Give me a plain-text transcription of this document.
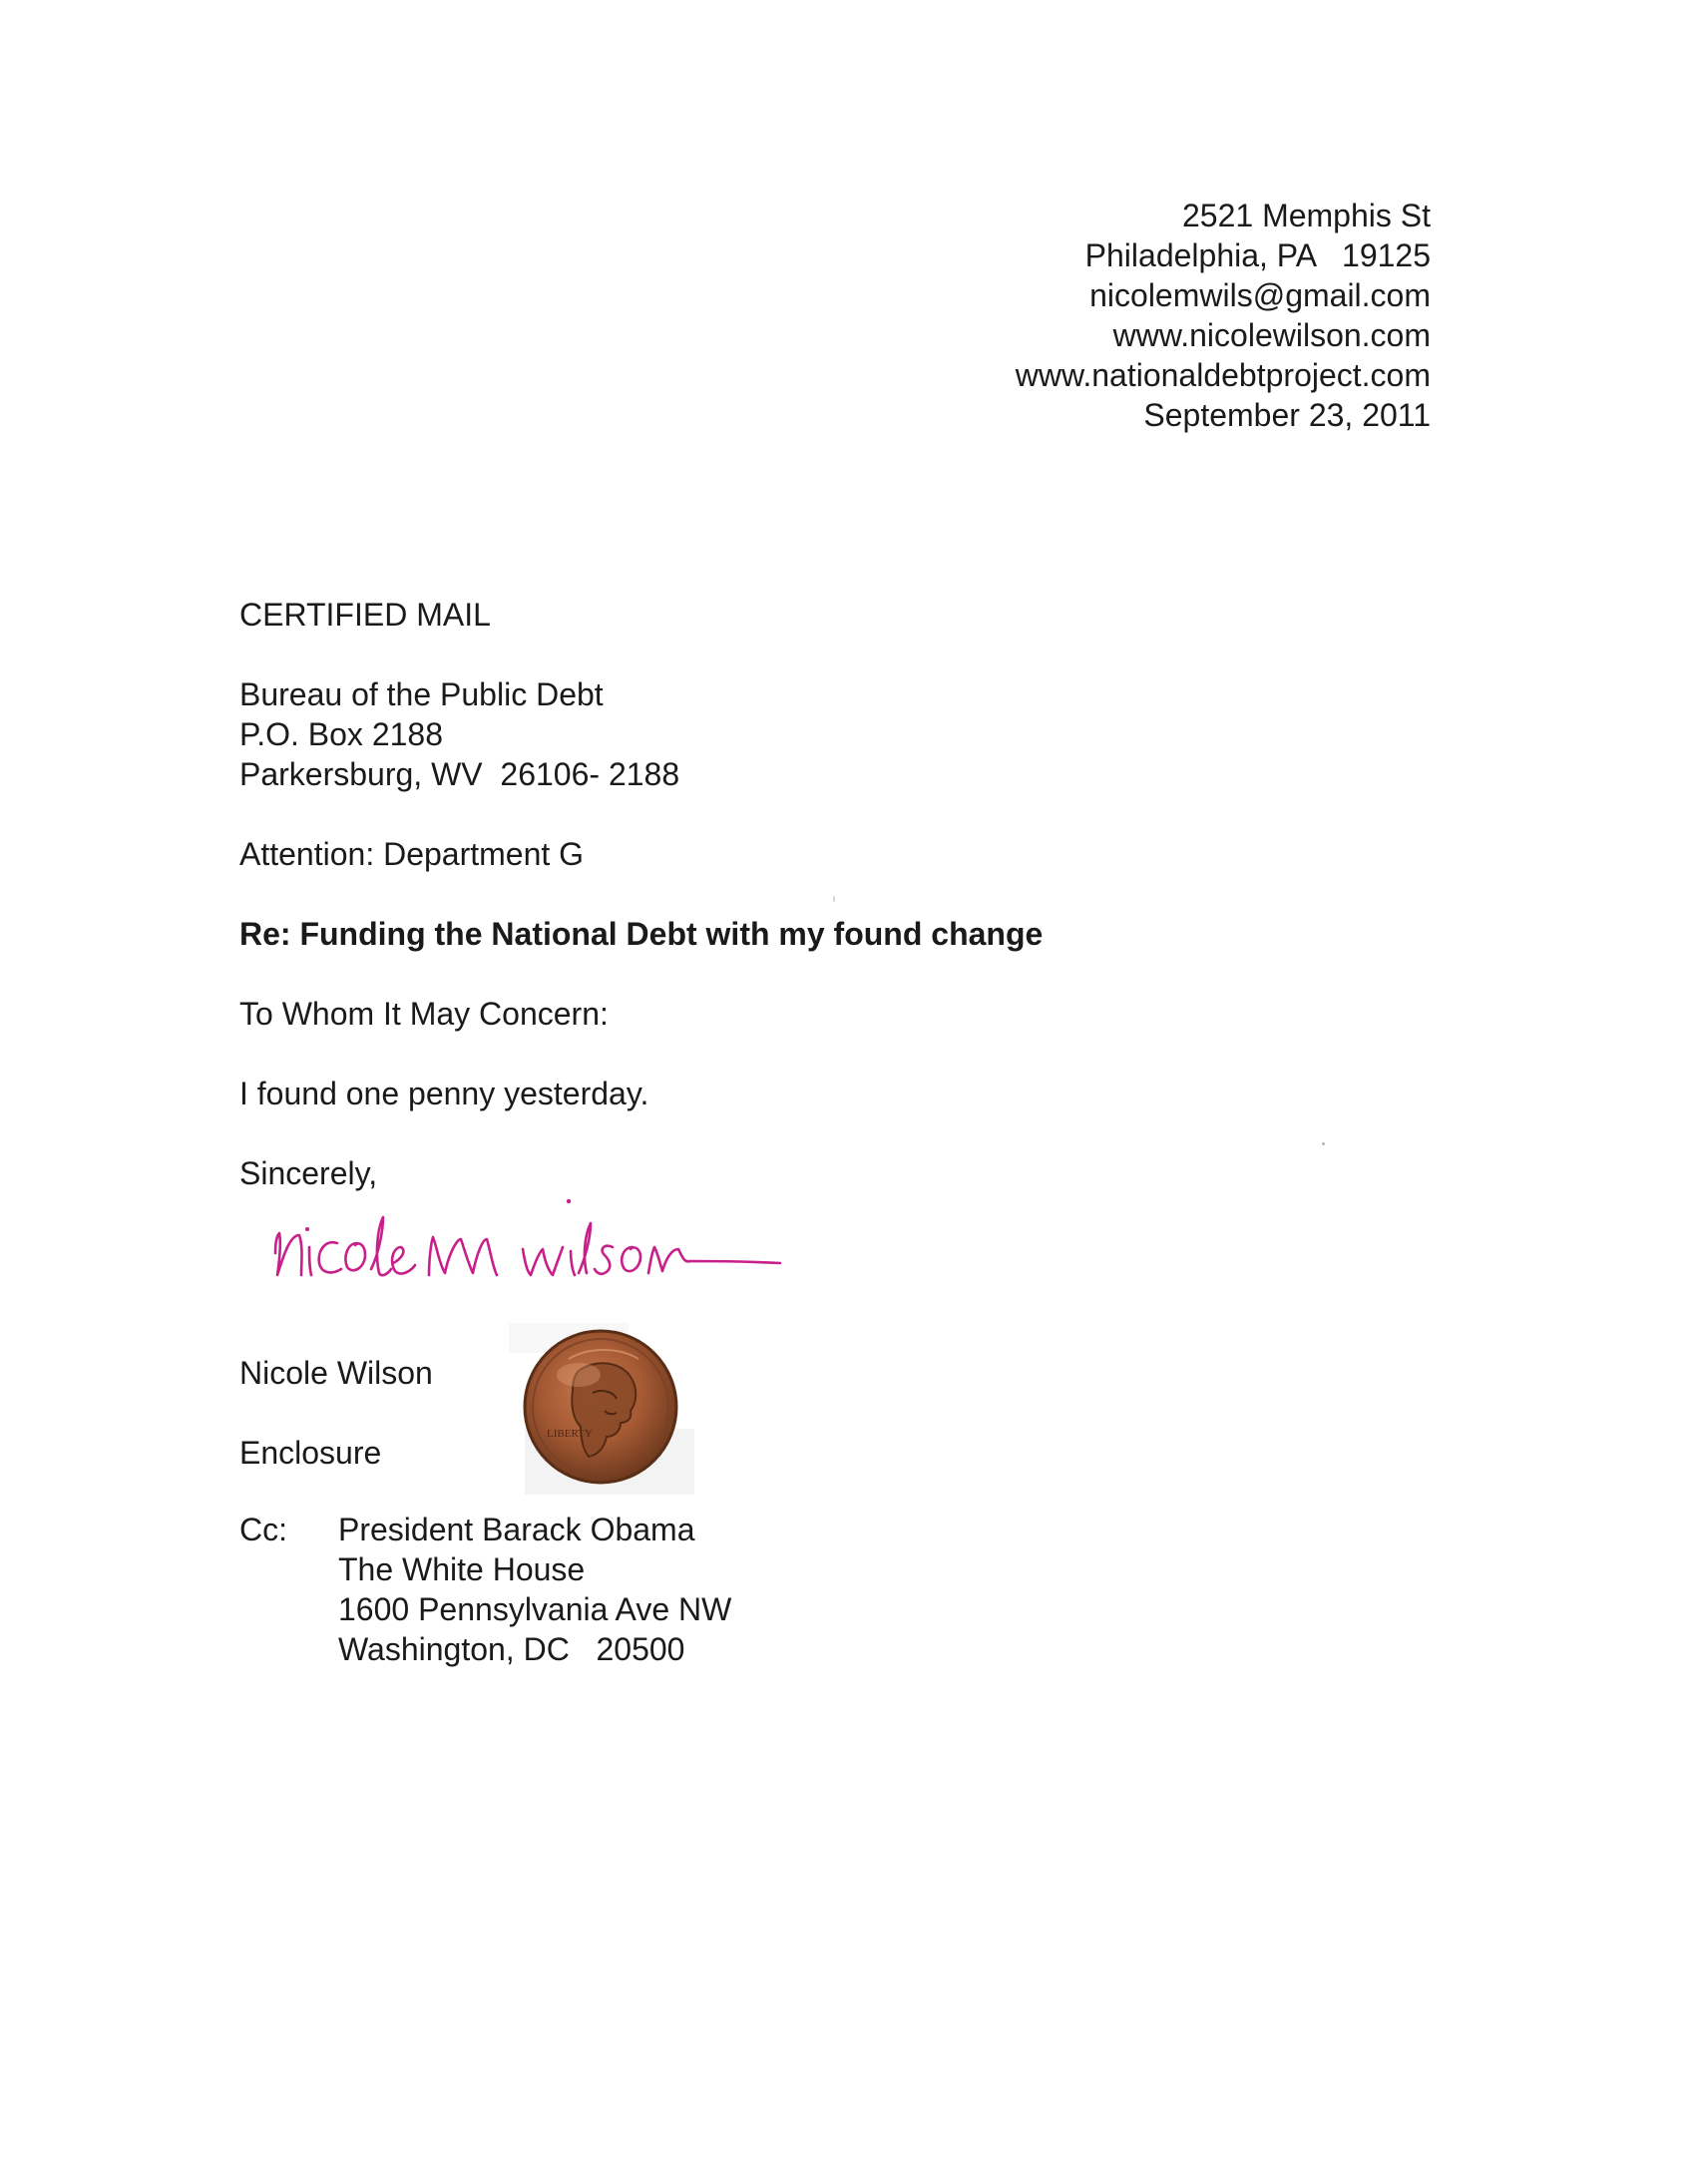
2521 Memphis St
Philadelphia, PA   19125
nicolemwils@gmail.com
www.nicolewilson.com
www.nationaldebtproject.com
September 23, 2011
CERTIFIED MAIL
Bureau of the Public Debt
P.O. Box 2188
Parkersburg, WV  26106- 2188
Attention: Department G
Re: Funding the National Debt with my found change
To Whom It May Concern:
I found one penny yesterday.
Sincerely,
Nicole Wilson
LIBERTY
Enclosure
Cc: President Barack Obama
The White House
1600 Pennsylvania Ave NW
Washington, DC   20500
